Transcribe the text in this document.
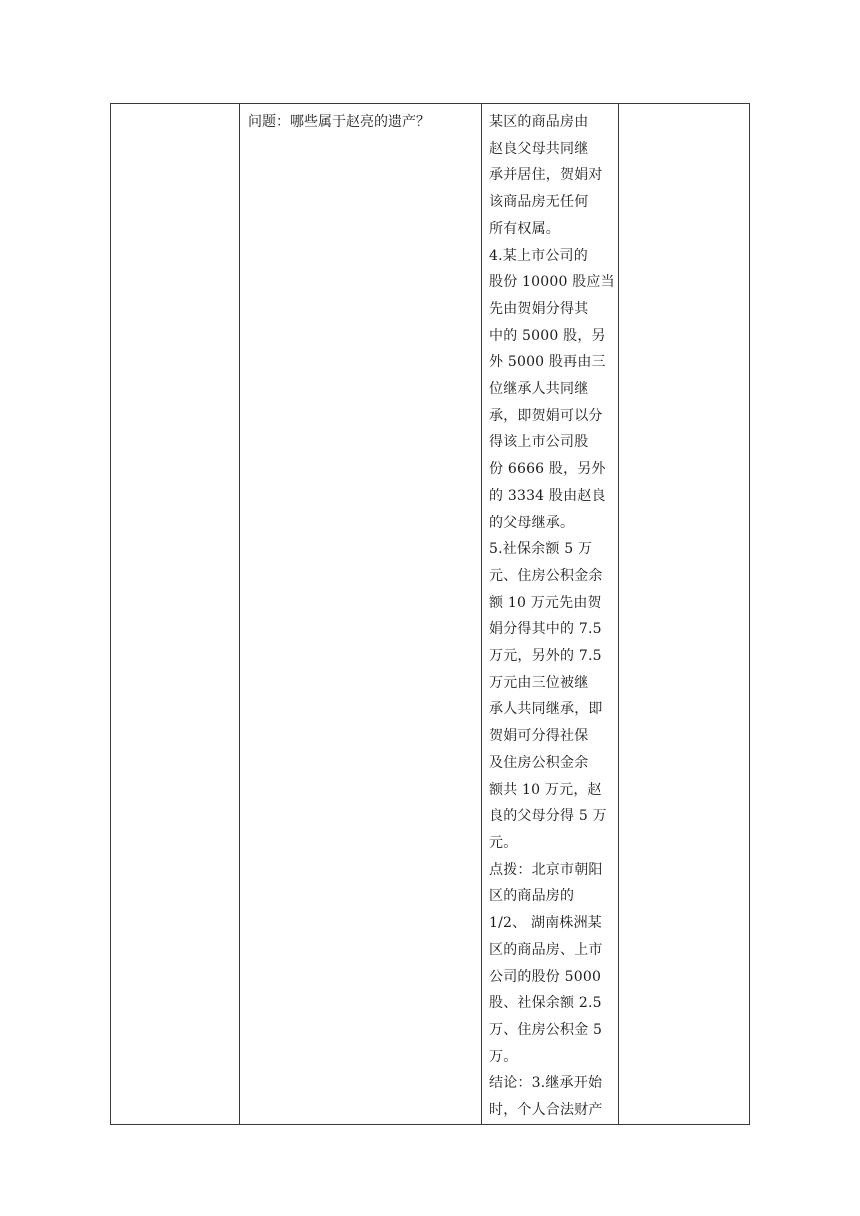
问题：哪些属于赵亮的遗产？	某区的商品房由
赵良父母共同继
承并居住，贺娟对
该商品房无任何
所有权属。
4.某上市公司的
股份 10000 股应当
先由贺娟分得其
中的 5000 股，另
外 5000 股再由三
位继承人共同继
承，即贺娟可以分
得该上市公司股
份 6666 股，另外
的 3334 股由赵良
的父母继承。
5.社保余额 5 万
元、住房公积金余
额 10 万元先由贺
娟分得其中的 7.5
万元，另外的 7.5
万元由三位被继
承人共同继承，即
贺娟可分得社保
及住房公积金余
额共 10 万元，赵
良的父母分得 5 万
元。
点拨：北京市朝阳
区的商品房的
1/2、 湖南株洲某
区的商品房、上市
公司的股份 5000
股、社保余额 2.5
万、住房公积金 5
万。
结论：3.继承开始
时，个人合法财产
